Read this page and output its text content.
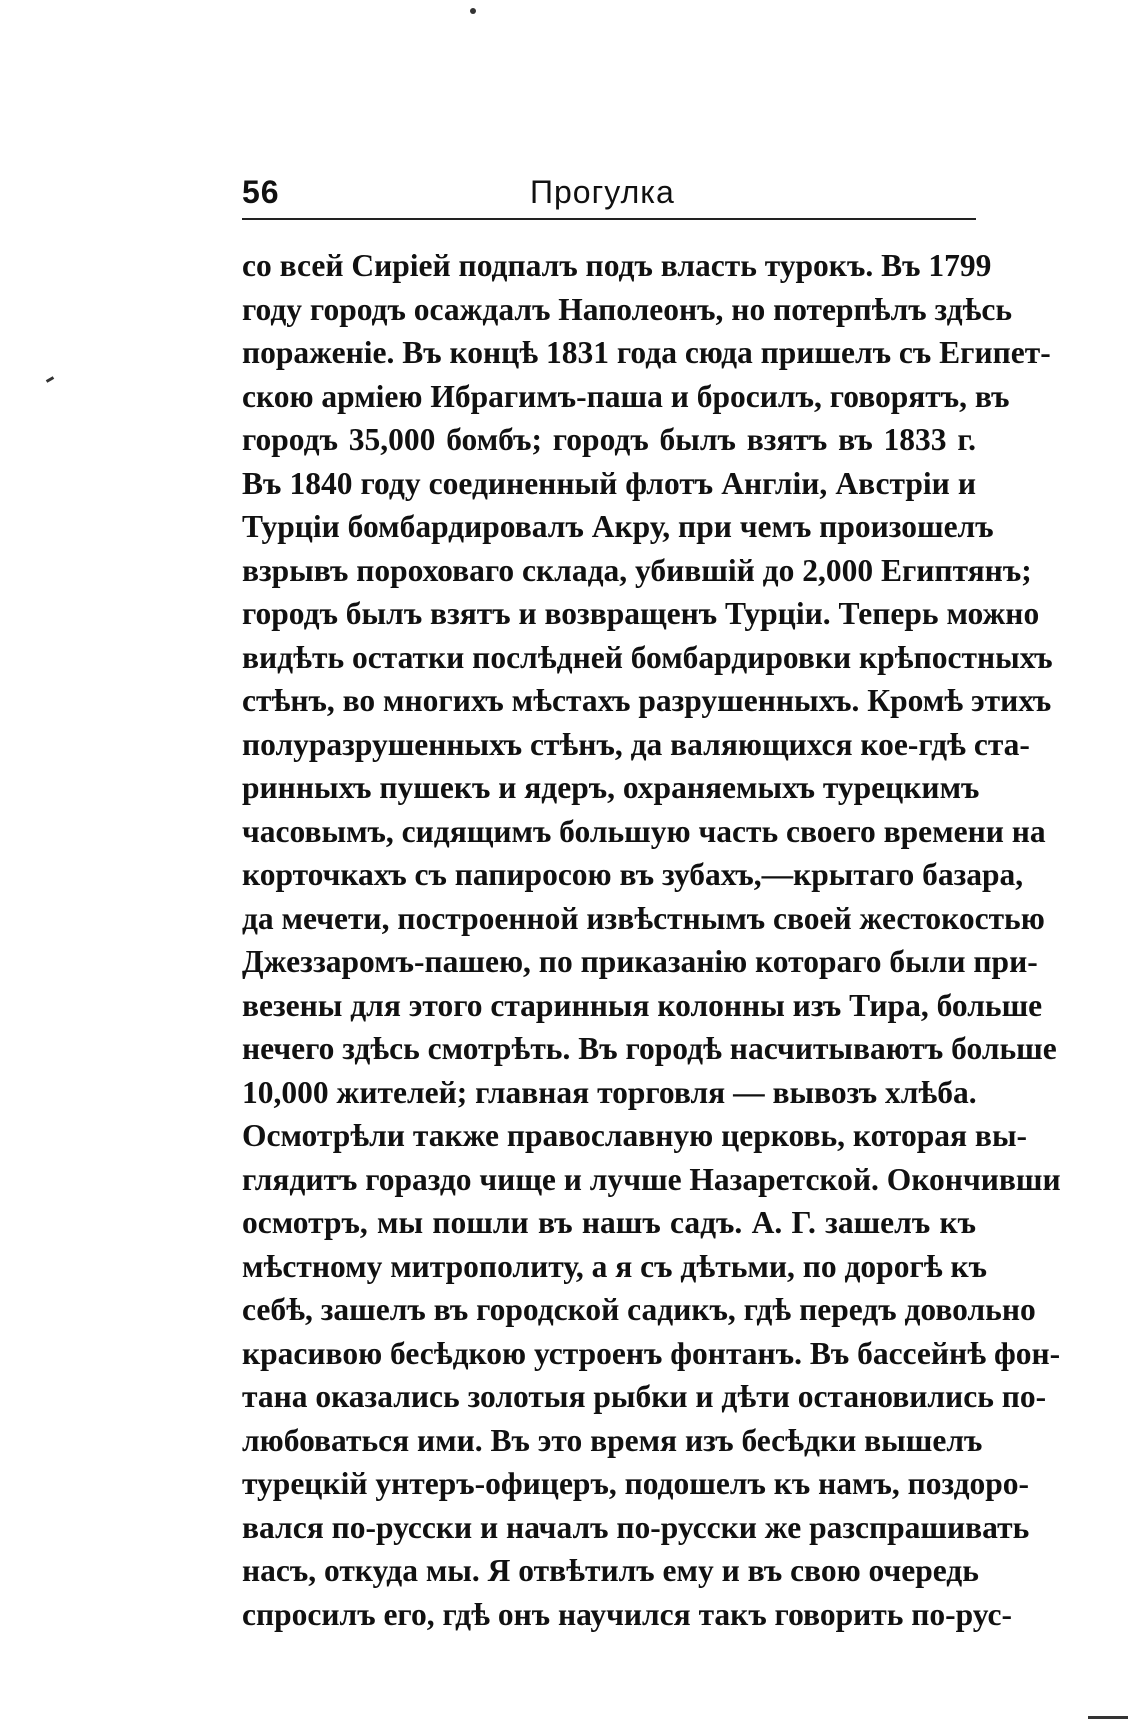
56	Прогулка
со всей Сиріей подпалъ подъ власть турокъ. Въ 1799
году городъ осаждалъ Наполеонъ, но потерпѣлъ здѣсь
пораженіе. Въ концѣ 1831 года сюда пришелъ съ Египет-
скою арміею Ибрагимъ-паша и бросилъ, говорятъ, въ
городъ 35,000 бомбъ; городъ былъ взятъ въ 1833 г.
Въ 1840 году соединенный флотъ Англіи, Австріи и
Турціи бомбардировалъ Акру, при чемъ произошелъ
взрывъ пороховаго склада, убившій до 2,000 Египтянъ;
городъ былъ взятъ и возвращенъ Турціи. Теперь можно
видѣть остатки послѣдней бомбардировки крѣпостныхъ
стѣнъ, во многихъ мѣстахъ разрушенныхъ. Кромѣ этихъ
полуразрушенныхъ стѣнъ, да валяющихся кое-гдѣ ста-
ринныхъ пушекъ и ядеръ, охраняемыхъ турецкимъ
часовымъ, сидящимъ большую часть своего времени на
корточкахъ съ папиросою въ зубахъ,—крытаго базара,
да мечети, построенной извѣстнымъ своей жестокостью
Джеззаромъ-пашею, по приказанію котораго были при-
везены для этого старинныя колонны изъ Тира, больше
нечего здѣсь смотрѣть. Въ городѣ насчитываютъ больше
10,000 жителей; главная торговля — вывозъ хлѣба.
Осмотрѣли также православную церковь, которая вы-
глядитъ гораздо чище и лучше Назаретской. Окончивши
осмотръ, мы пошли въ нашъ садъ. А. Г. зашелъ къ
мѣстному митрополиту, а я съ дѣтьми, по дорогѣ къ
себѣ, зашелъ въ городской садикъ, гдѣ передъ довольно
красивою бесѣдкою устроенъ фонтанъ. Въ бассейнѣ фон-
тана оказались золотыя рыбки и дѣти остановились по-
любоваться ими. Въ это время изъ бесѣдки вышелъ
турецкій унтеръ-офицеръ, подошелъ къ намъ, поздоро-
вался по-русски и началъ по-русски же разспрашивать
насъ, откуда мы. Я отвѣтилъ ему и въ свою очередь
спросилъ его, гдѣ онъ научился такъ говорить по-рус-
